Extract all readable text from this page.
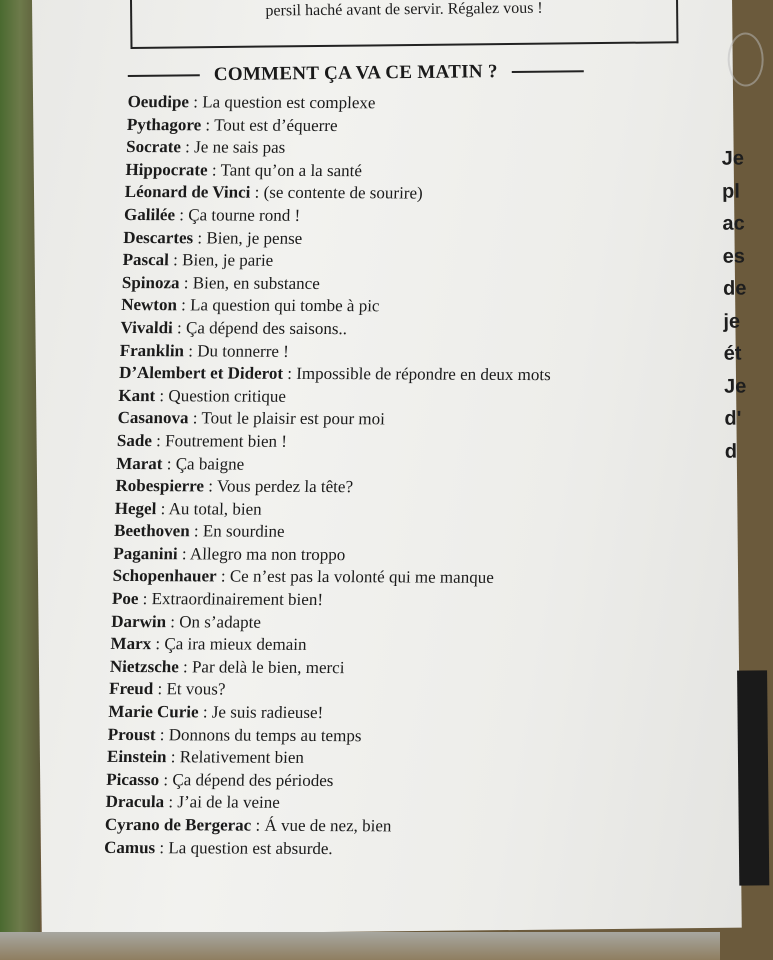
persil haché avant de servir. Régalez vous !
COMMENT ÇA VA CE MATIN ?
Oeudipe : La question est complexe
Pythagore : Tout est d’équerre
Socrate : Je ne sais pas
Hippocrate : Tant qu’on a la santé
Léonard de Vinci : (se contente de sourire)
Galilée : Ça tourne rond !
Descartes : Bien, je pense
Pascal : Bien, je parie
Spinoza : Bien, en substance
Newton : La question qui tombe à pic
Vivaldi : Ça dépend des saisons..
Franklin : Du tonnerre !
D’Alembert et Diderot : Impossible de répondre en deux mots
Kant : Question critique
Casanova : Tout le plaisir est pour moi
Sade : Foutrement bien !
Marat : Ça baigne
Robespierre : Vous perdez la tête?
Hegel : Au total, bien
Beethoven : En sourdine
Paganini : Allegro ma non troppo
Schopenhauer : Ce n’est pas la volonté qui me manque
Poe : Extraordinairement bien!
Darwin : On s’adapte
Marx : Ça ira mieux demain
Nietzsche : Par delà le bien, merci
Freud : Et vous?
Marie Curie : Je suis radieuse!
Proust : Donnons du temps au temps
Einstein : Relativement bien
Picasso : Ça dépend des périodes
Dracula : J’ai de la veine
Cyrano de Bergerac : Á vue de nez, bien
Camus : La question est absurde.
Je
pl
ac
es
de
je
ét
Je
d'
d
